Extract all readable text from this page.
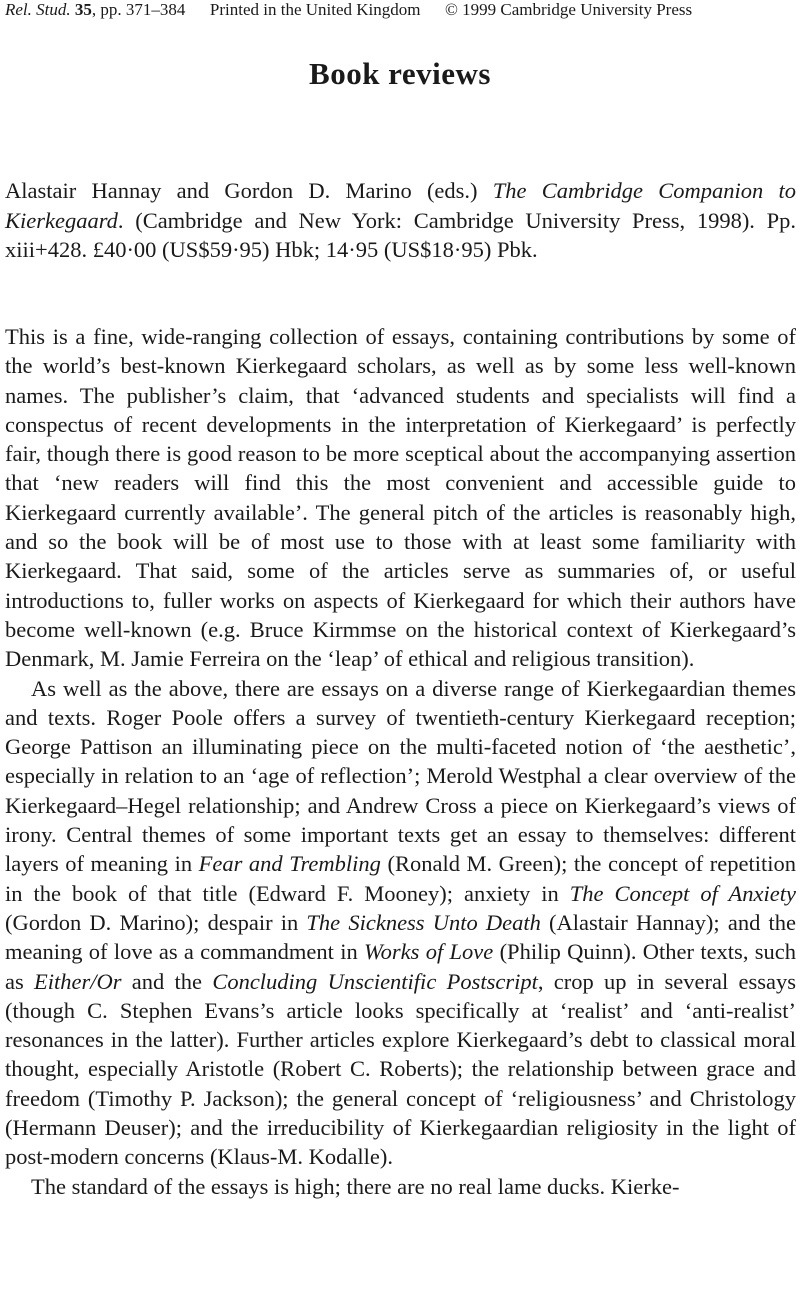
Rel. Stud. 35, pp. 371–384 Printed in the United Kingdom © 1999 Cambridge University Press
Book reviews
Alastair Hannay and Gordon D. Marino (eds.) The Cambridge Companion to Kierkegaard. (Cambridge and New York: Cambridge University Press, 1998). Pp. xiii+428. £40·00 (US$59·95) Hbk; 14·95 (US$18·95) Pbk.

This is a fine, wide-ranging collection of essays, containing contributions by some of the world’s best-known Kierkegaard scholars, as well as by some less well-known names. The publisher’s claim, that ‘advanced students and specialists will find a conspectus of recent developments in the interpretation of Kierkegaard’ is perfectly fair, though there is good reason to be more sceptical about the accompanying assertion that ‘new readers will find this the most convenient and accessible guide to Kierkegaard currently available’. The general pitch of the articles is reasonably high, and so the book will be of most use to those with at least some familiarity with Kierkegaard. That said, some of the articles serve as summaries of, or useful introductions to, fuller works on aspects of Kierkegaard for which their authors have become well-known (e.g. Bruce Kirmmse on the historical context of Kierkegaard’s Denmark, M. Jamie Ferreira on the ‘leap’ of ethical and religious transition).

As well as the above, there are essays on a diverse range of Kierkegaardian themes and texts. Roger Poole offers a survey of twentieth-century Kierkegaard reception; George Pattison an illuminating piece on the multi-faceted notion of ‘the aesthetic’, especially in relation to an ‘age of reflection’; Merold Westphal a clear overview of the Kierkegaard–Hegel relationship; and Andrew Cross a piece on Kierkegaard’s views of irony. Central themes of some important texts get an essay to themselves: different layers of meaning in Fear and Trembling (Ronald M. Green); the concept of repetition in the book of that title (Edward F. Mooney); anxiety in The Concept of Anxiety (Gordon D. Marino); despair in The Sickness Unto Death (Alastair Hannay); and the meaning of love as a commandment in Works of Love (Philip Quinn). Other texts, such as Either/Or and the Concluding Unscientific Postscript, crop up in several essays (though C. Stephen Evans’s article looks specifically at ‘realist’ and ‘anti-realist’ resonances in the latter). Further articles explore Kierkegaard’s debt to classical moral thought, especially Aristotle (Robert C. Roberts); the relationship between grace and freedom (Timothy P. Jackson); the general concept of ‘religiousness’ and Christology (Hermann Deuser); and the irreducibility of Kierkegaardian religiosity in the light of post-modern concerns (Klaus-M. Kodalle).

The standard of the essays is high; there are no real lame ducks. Kierke-
